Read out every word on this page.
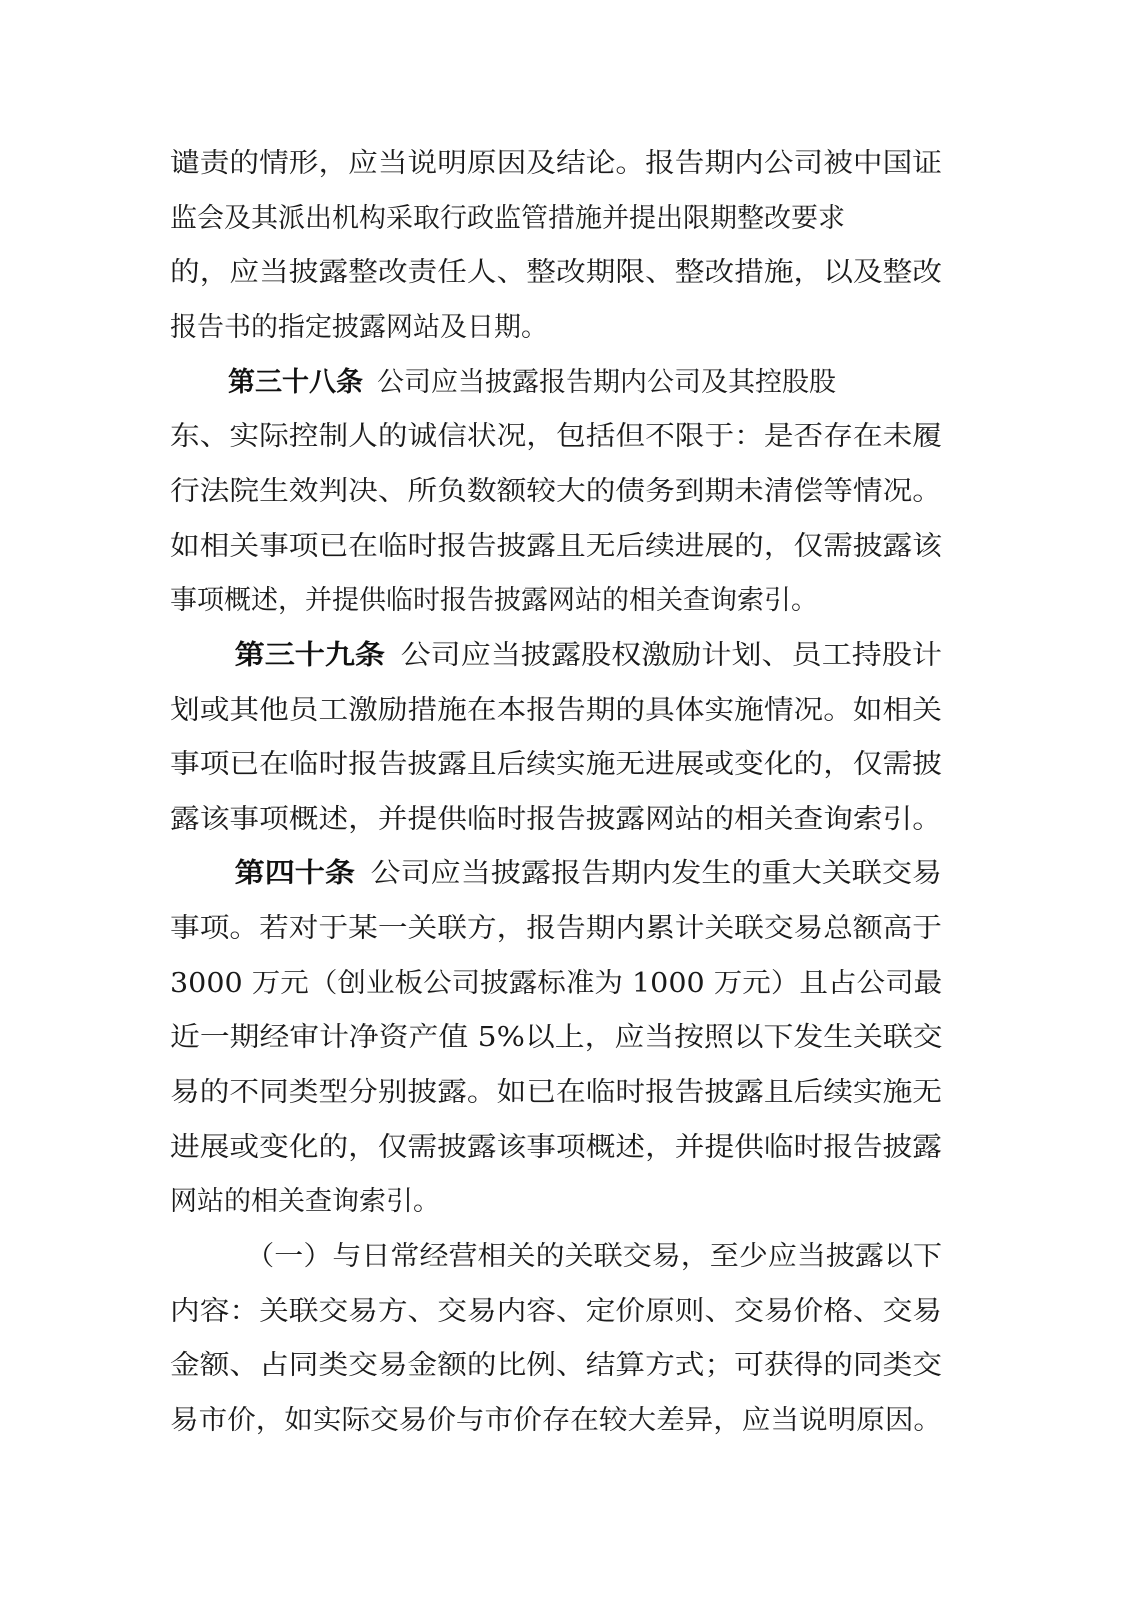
谴责的情形，应当说明原因及结论。报告期内公司被中国证
监会及其派出机构采取行政监管措施并提出限期整改要求
的，应当披露整改责任人、整改期限、整改措施，以及整改
报告书的指定披露网站及日期。
第三十八条 公司应当披露报告期内公司及其控股股
东、实际控制人的诚信状况，包括但不限于：是否存在未履
行法院生效判决、所负数额较大的债务到期未清偿等情况。
如相关事项已在临时报告披露且无后续进展的，仅需披露该
事项概述，并提供临时报告披露网站的相关查询索引。
第三十九条 公司应当披露股权激励计划、员工持股计
划或其他员工激励措施在本报告期的具体实施情况。如相关
事项已在临时报告披露且后续实施无进展或变化的，仅需披
露该事项概述，并提供临时报告披露网站的相关查询索引。
第四十条 公司应当披露报告期内发生的重大关联交易
事项。若对于某一关联方，报告期内累计关联交易总额高于
3000 万元（创业板公司披露标准为 1000 万元）且占公司最
近一期经审计净资产值 5%以上，应当按照以下发生关联交
易的不同类型分别披露。如已在临时报告披露且后续实施无
进展或变化的，仅需披露该事项概述，并提供临时报告披露
网站的相关查询索引。
（一）与日常经营相关的关联交易，至少应当披露以下
内容：关联交易方、交易内容、定价原则、交易价格、交易
金额、占同类交易金额的比例、结算方式；可获得的同类交
易市价，如实际交易价与市价存在较大差异，应当说明原因。
